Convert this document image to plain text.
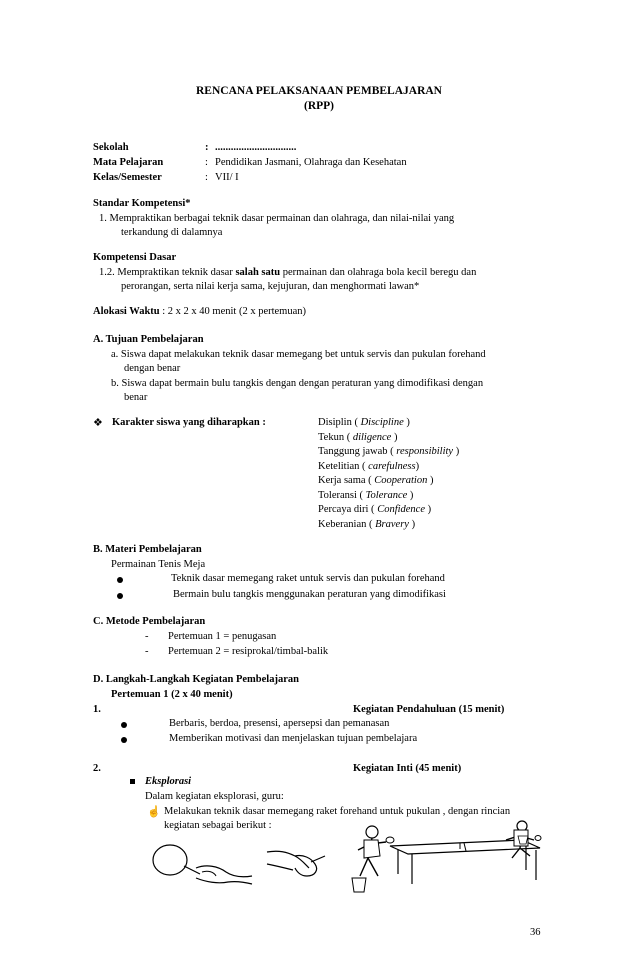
RENCANA PELAKSANAAN PEMBELAJARAN
(RPP)
Sekolah	: ...............................
Mata Pelajaran	: Pendidikan Jasmani, Olahraga dan Kesehatan
Kelas/Semester	: VII/ I
Standar Kompetensi*
1. Mempraktikan berbagai teknik dasar permainan dan olahraga, dan nilai-nilai yang
terkandung di dalamnya
Kompetensi Dasar
1.2. Mempraktikan teknik dasar salah satu permainan dan olahraga bola kecil beregu dan
perorangan, serta nilai kerja sama, kejujuran, dan menghormati lawan*
Alokasi Waktu : 2 x 2 x 40 menit (2 x pertemuan)
A. Tujuan Pembelajaran
a. Siswa dapat melakukan teknik dasar memegang bet untuk servis dan pukulan forehand
dengan benar
b. Siswa dapat bermain bulu tangkis dengan dengan peraturan yang dimodifikasi dengan
benar
❖ Karakter siswa yang diharapkan :	Disiplin ( Discipline )
Tekun ( diligence )
Tanggung jawab ( responsibility )
Ketelitian ( carefulness)
Kerja sama ( Cooperation )
Toleransi ( Tolerance )
Percaya diri ( Confidence )
Keberanian ( Bravery )
B. Materi Pembelajaran
Permainan Tenis Meja
Teknik dasar memegang raket untuk servis dan pukulan forehand
Bermain bulu tangkis menggunakan peraturan yang dimodifikasi
C. Metode Pembelajaran
- Pertemuan 1 = penugasan
- Pertemuan 2 = resiprokal/timbal-balik
D. Langkah-Langkah Kegiatan Pembelajaran
Pertemuan 1 (2 x 40 menit)
1.	Kegiatan Pendahuluan (15 menit)
Berbaris, berdoa, presensi, apersepsi dan pemanasan
Memberikan motivasi dan menjelaskan tujuan pembelajara
2.	Kegiatan Inti (45 menit)
Eksplorasi
Dalam kegiatan eksplorasi, guru:
☝ Melakukan teknik dasar memegang raket forehand untuk pukulan , dengan rincian
kegiatan sebagai berikut :
36
